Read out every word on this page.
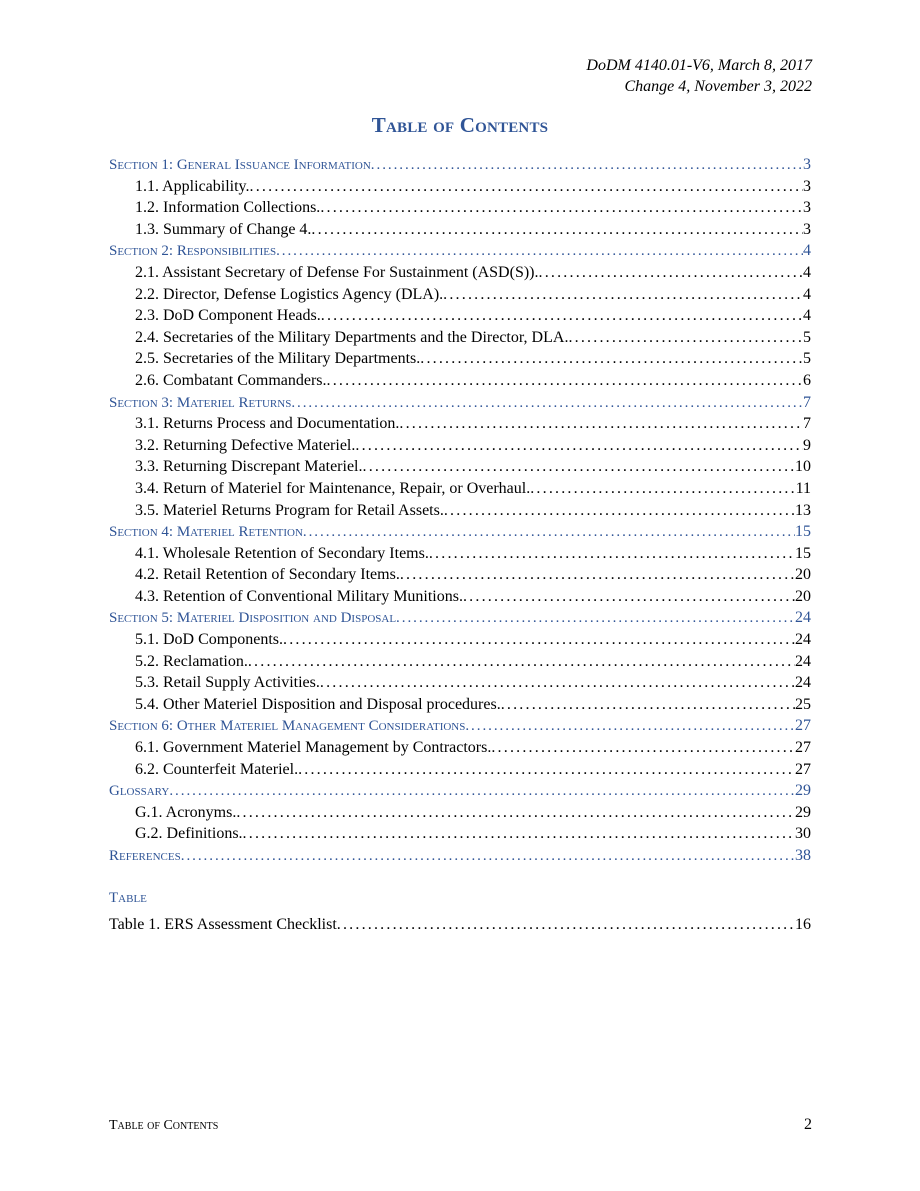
DoDM 4140.01-V6, March 8, 2017
Change 4, November 3, 2022
Table of Contents
Section 1: General Issuance Information . . .	3
1.1. Applicability. . . .	3
1.2. Information Collections. . . .	3
1.3. Summary of Change 4. . . .	3
Section 2: Responsibilities . . .	4
2.1. Assistant Secretary of Defense For Sustainment (ASD(S)). . . .	4
2.2. Director, Defense Logistics Agency (DLA). . . .	4
2.3. DoD Component Heads. . . .	4
2.4. Secretaries of the Military Departments and the Director, DLA. . . .	5
2.5. Secretaries of the Military Departments. . . .	5
2.6. Combatant Commanders. . . .	6
Section 3: Materiel Returns . . .	7
3.1. Returns Process and Documentation. . . .	7
3.2. Returning Defective Materiel. . . .	9
3.3. Returning Discrepant Materiel. . . .	10
3.4. Return of Materiel for Maintenance, Repair, or Overhaul. . . .	11
3.5. Materiel Returns Program for Retail Assets. . . .	13
Section 4: Materiel Retention . . .	15
4.1. Wholesale Retention of Secondary Items. . . .	15
4.2. Retail Retention of Secondary Items. . . .	20
4.3. Retention of Conventional Military Munitions. . . .	20
Section 5: Materiel Disposition and Disposal . . .	24
5.1. DoD Components. . . .	24
5.2. Reclamation. . . .	24
5.3. Retail Supply Activities. . . .	24
5.4. Other Materiel Disposition and Disposal procedures. . . .	25
Section 6: Other Materiel Management Considerations . . .	27
6.1. Government Materiel Management by Contractors. . . .	27
6.2. Counterfeit Materiel. . . .	27
Glossary . . .	29
G.1. Acronyms. . . .	29
G.2. Definitions. . . .	30
References . . .	38
Table
Table 1. ERS Assessment Checklist . . .	16
Table of Contents	2
